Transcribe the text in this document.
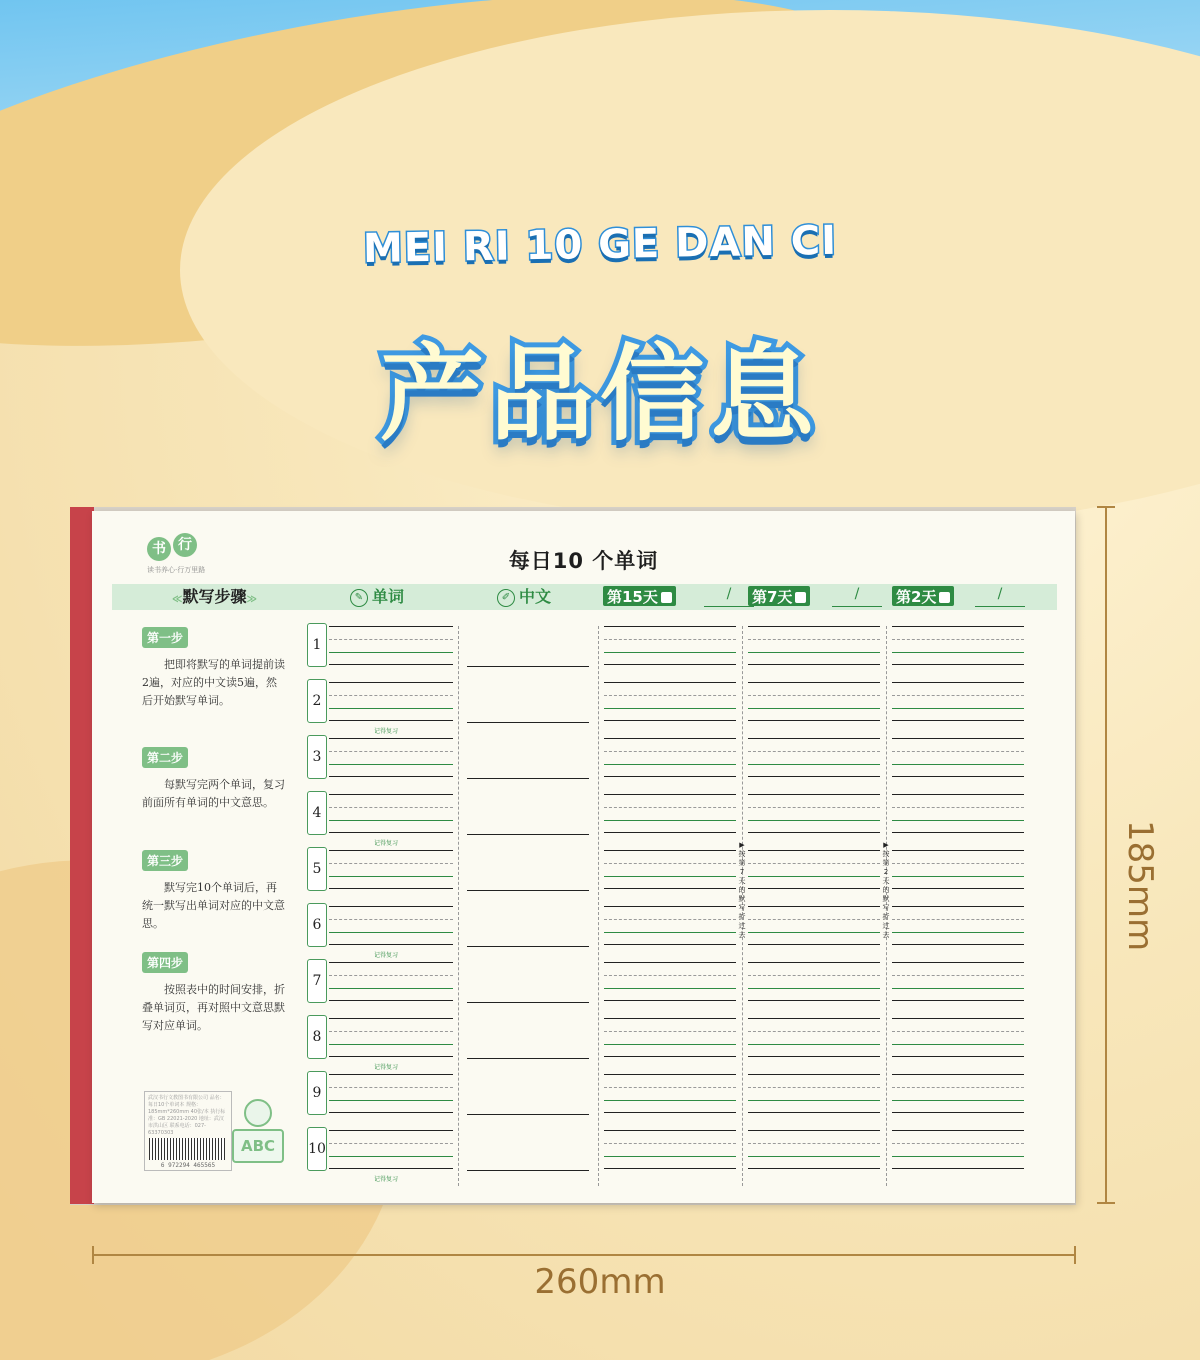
MEI RI 10 GE DAN CI
产品信息
书 行
读书养心·行万里路	每日10 个单词
≪默写步骤≫	✎ 单词	✐ 中文	第15天	/	第7天	/	第2天	/
第一步
把即将默写的单词提前读2遍，对应的中文读5遍，然后开始默写单词。
第二步
每默写完两个单词，复习前面所有单词的中文意思。
第三步
默写完10个单词后，再统一默写出单词对应的中文意思。
第四步
按照表中的时间安排，折叠单词页，再对照中文意思默写对应单词。
武汉书行文教图书有限公司 品名：每日10个单词本 规格：185mm*260mm 40张/本 执行标准：GB 22021-2020 地址：武汉市洪山区 联系电话：027-63370303
6 972294 465565
ABC
1
2
记得复习
3
4
记得复习
5
6
记得复习
7
8
记得复习
9
10
记得复习
▶按第7天的默写折过去
▶按第2天的默写折过去	185mm
260mm
